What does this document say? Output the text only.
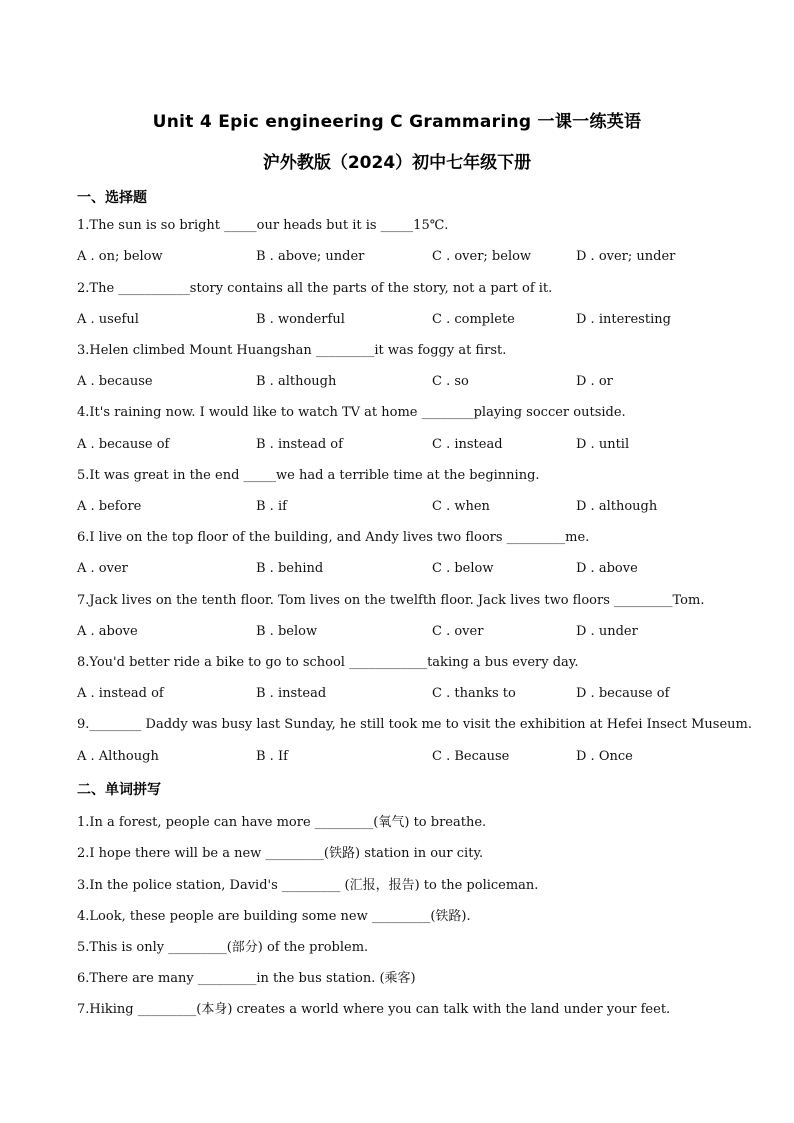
Unit 4 Epic engineering C Grammaring 一课一练英语
沪外教版（2024）初中七年级下册
一、选择题
1.The sun is so bright _____our heads but it is _____15℃.
A . on; below	B . above; under	C . over; below	D . over; under
2.The ___________story contains all the parts of the story, not a part of it.
A . useful	B . wonderful	C . complete	D . interesting
3.Helen climbed Mount Huangshan _________it was foggy at first.
A . because	B . although	C . so	D . or
4.It's raining now. I would like to watch TV at home ________playing soccer outside.
A . because of	B . instead of	C . instead	D . until
5.It was great in the end _____we had a terrible time at the beginning.
A . before	B . if	C . when	D . although
6.I live on the top floor of the building, and Andy lives two floors _________me.
A . over	B . behind	C . below	D . above
7.Jack lives on the tenth floor. Tom lives on the twelfth floor. Jack lives two floors _________Tom.
A . above	B . below	C . over	D . under
8.You'd better ride a bike to go to school ____________taking a bus every day.
A . instead of	B . instead	C . thanks to	D . because of
9.________ Daddy was busy last Sunday, he still took me to visit the exhibition at Hefei Insect Museum.
A . Although	B . If	C . Because	D . Once
二、单词拼写
1.In a forest, people can have more _________(氧气) to breathe.
2.I hope there will be a new _________(铁路) station in our city.
3.In the police station, David's _________ (汇报，报告) to the policeman.
4.Look, these people are building some new _________(铁路).
5.This is only _________(部分) of the problem.
6.There are many _________in the bus station. (乘客)
7.Hiking _________(本身) creates a world where you can talk with the land under your feet.
